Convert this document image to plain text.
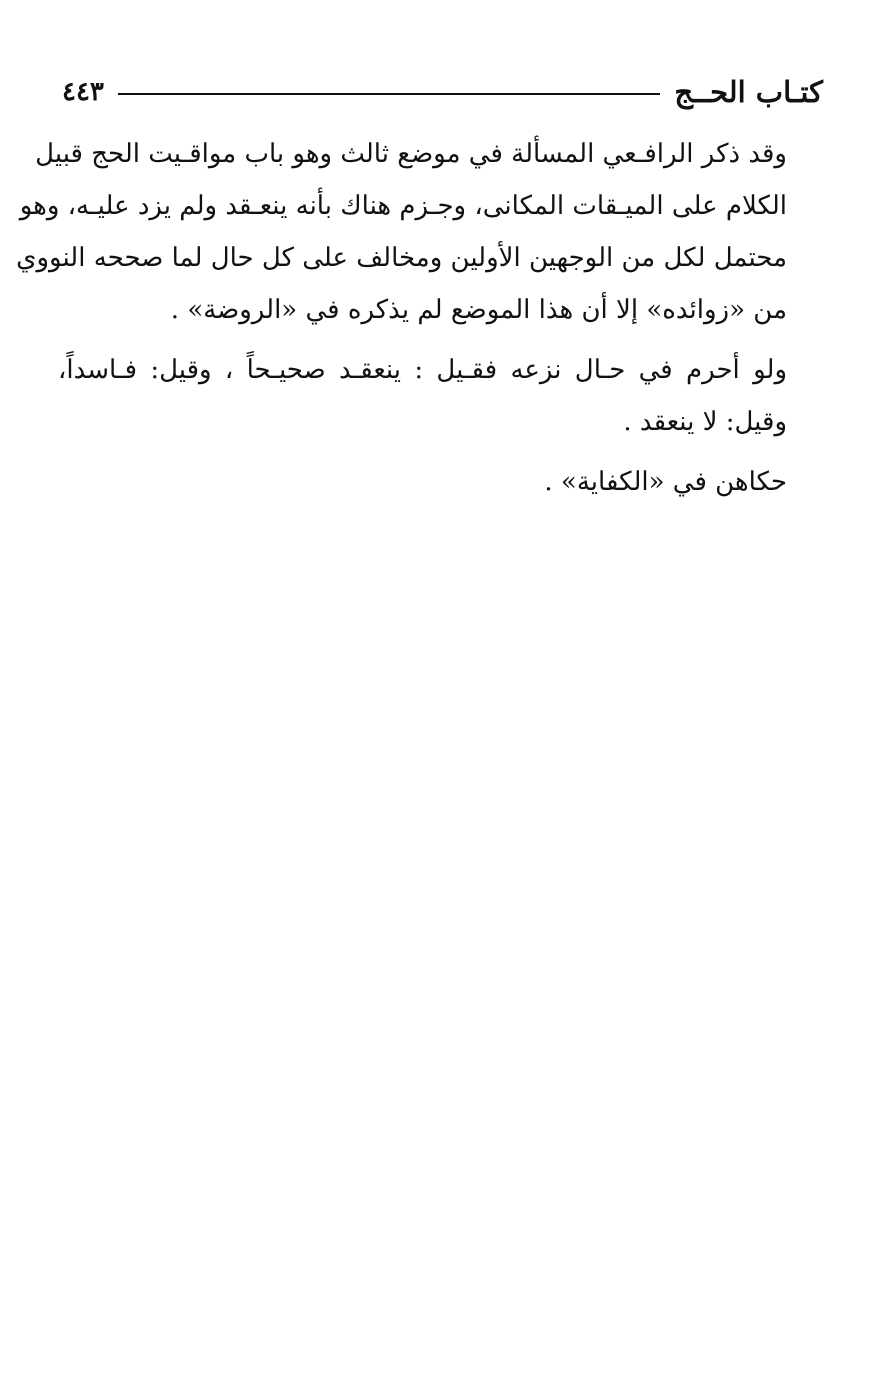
كتـاب الحــج
٤٤٣

وقد ذكر الرافـعي المسألة في موضع ثالث وهو باب مواقـيت الحج قبيل
الكلام على الميـقات المكانى، وجـزم هناك بأنه ينعـقد ولم يزد عليـه، وهو
محتمل لكل من الوجهين الأولين ومخالف على كل حال لما صححه النووي
من «زوائده» إلا أن هذا الموضع لم يذكره في «الروضة» .

ولو أحرم في حـال نزعه فقـيل : ينعقـد صحيـحاً ، وقيل: فـاسداً،
وقيل: لا ينعقد .

حكاهن في «الكفاية» .
